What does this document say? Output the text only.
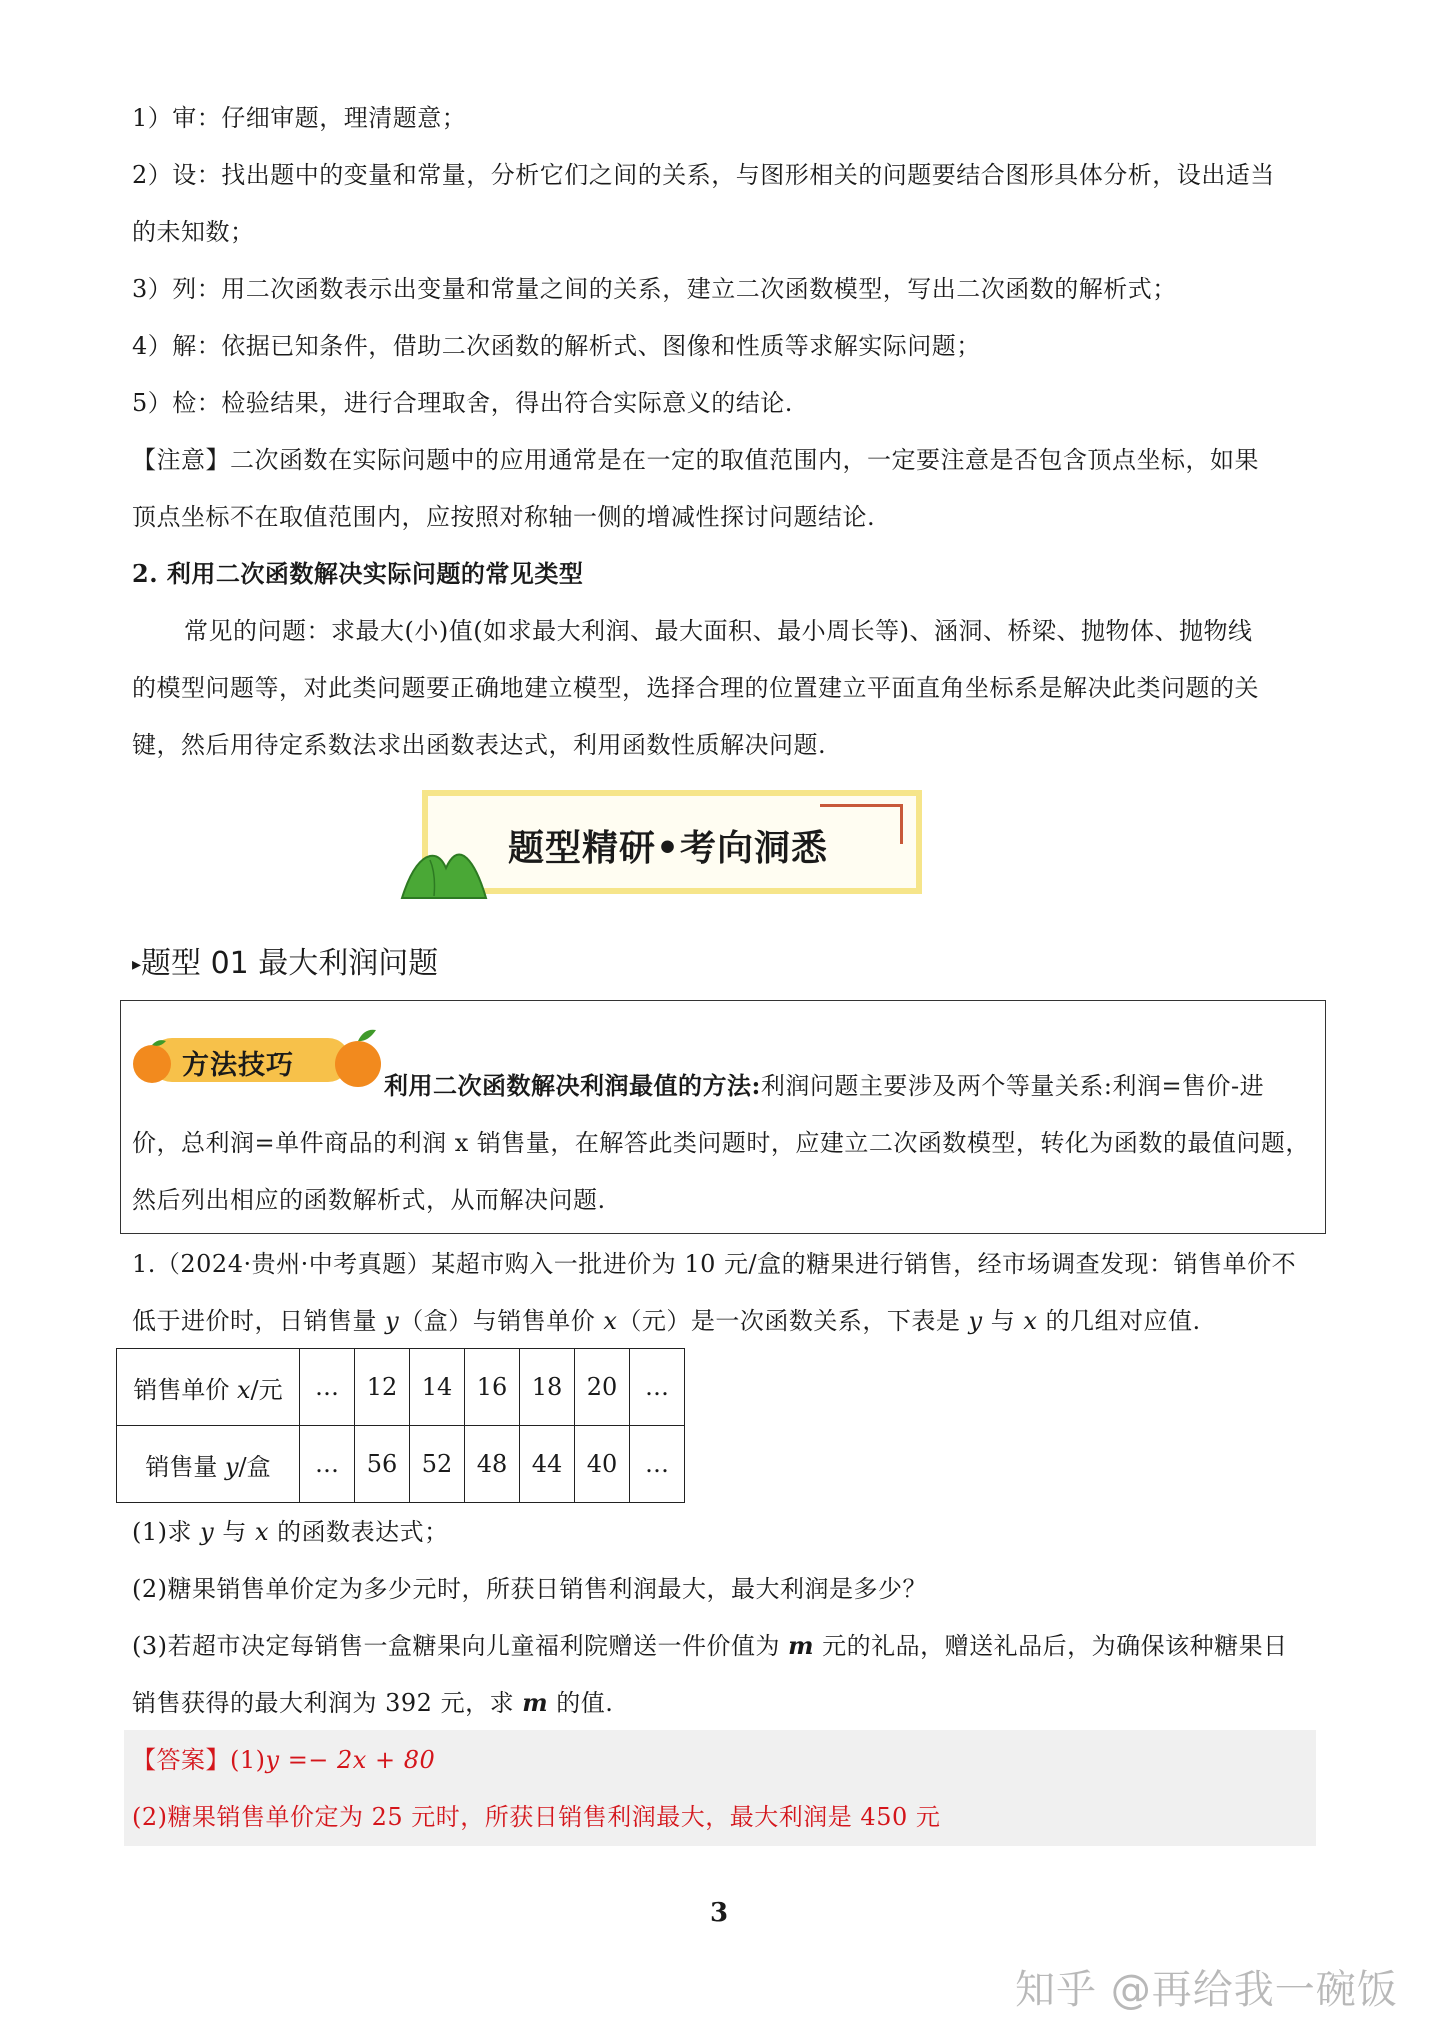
1）审：仔细审题，理清题意；
2）设：找出题中的变量和常量，分析它们之间的关系，与图形相关的问题要结合图形具体分析，设出适当
的未知数；
3）列：用二次函数表示出变量和常量之间的关系，建立二次函数模型，写出二次函数的解析式；
4）解：依据已知条件，借助二次函数的解析式、图像和性质等求解实际问题；
5）检：检验结果，进行合理取舍，得出符合实际意义的结论.
【注意】二次函数在实际问题中的应用通常是在一定的取值范围内，一定要注意是否包含顶点坐标，如果
顶点坐标不在取值范围内，应按照对称轴一侧的增减性探讨问题结论.
2. 利用二次函数解决实际问题的常见类型
常见的问题：求最大(小)值(如求最大利润、最大面积、最小周长等)、涵洞、桥梁、抛物体、抛物线
的模型问题等，对此类问题要正确地建立模型，选择合理的位置建立平面直角坐标系是解决此类问题的关
键，然后用待定系数法求出函数表达式，利用函数性质解决问题.
题型精研•考向洞悉
▸题型 01 最大利润问题
方法技巧
利用二次函数解决利润最值的方法:利润问题主要涉及两个等量关系:利润=售价-进
价，总利润=单件商品的利润 x 销售量，在解答此类问题时，应建立二次函数模型，转化为函数的最值问题，
然后列出相应的函数解析式，从而解决问题.
1.（2024·贵州·中考真题）某超市购入一批进价为 10 元/盒的糖果进行销售，经市场调查发现：销售单价不
低于进价时，日销售量 y（盒）与销售单价 x（元）是一次函数关系，下表是 y 与 x 的几组对应值.
销售单价 x/元	…	12	14	16	18	20	…
销售量 y/盒	…	56	52	48	44	40	…
(1)求 y 与 x 的函数表达式；
(2)糖果销售单价定为多少元时，所获日销售利润最大，最大利润是多少？
(3)若超市决定每销售一盒糖果向儿童福利院赠送一件价值为 m 元的礼品，赠送礼品后，为确保该种糖果日
销售获得的最大利润为 392 元，求 m 的值.
【答案】(1)y =− 2x + 80
(2)糖果销售单价定为 25 元时，所获日销售利润最大，最大利润是 450 元
3
知乎 @再给我一碗饭
